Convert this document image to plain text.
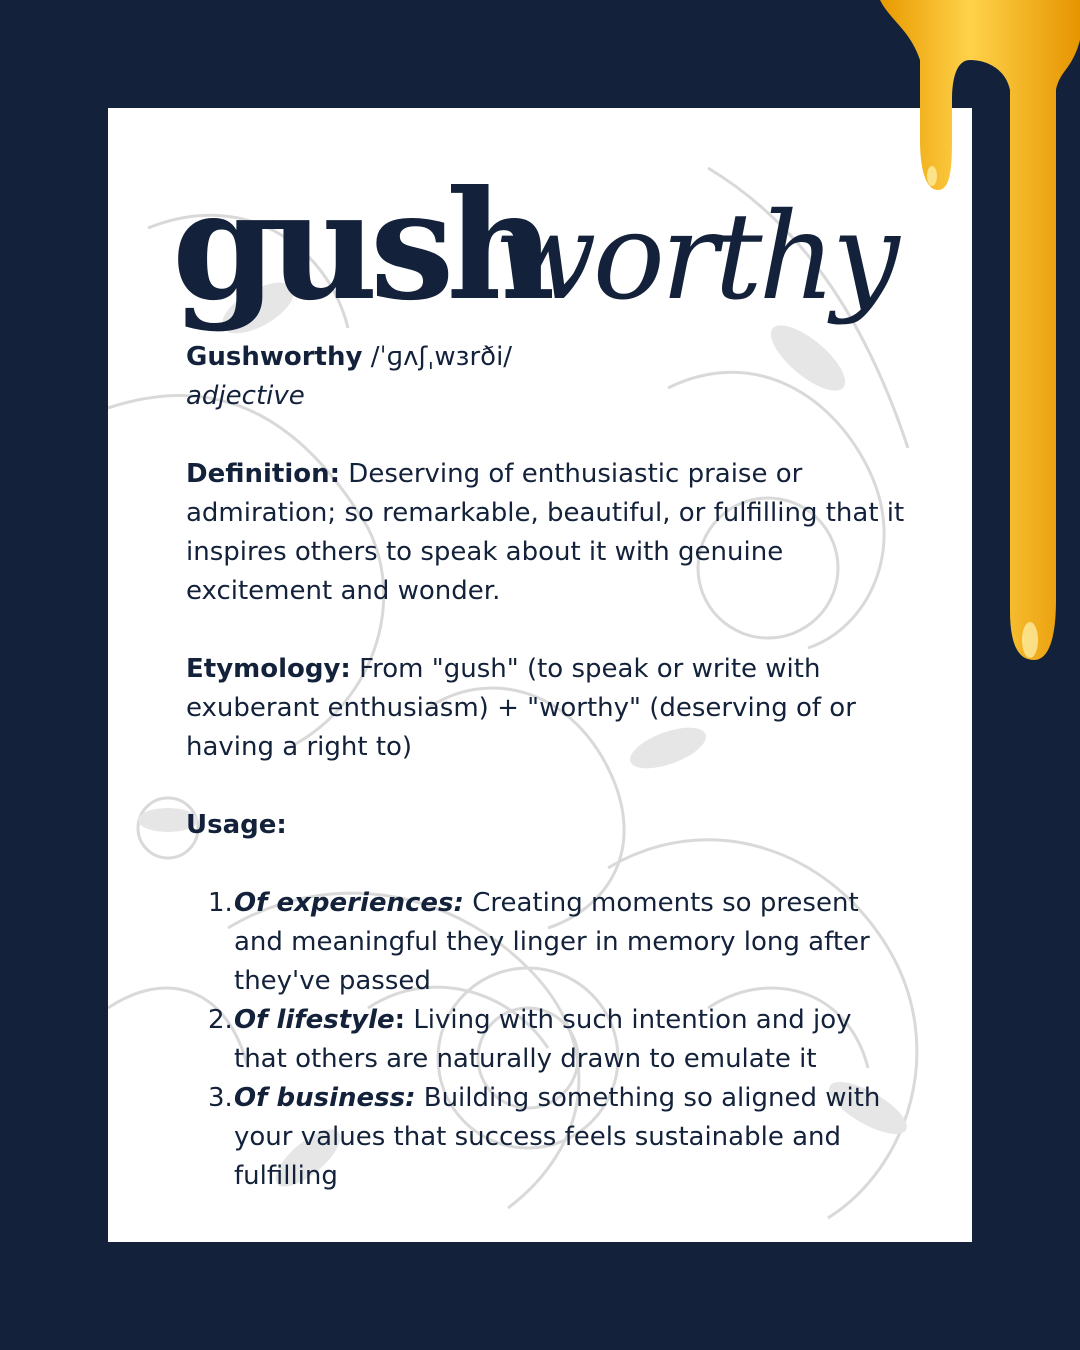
gush
worthy

Gushworthy /ˈɡʌʃˌwɜrði/

adjective

Definition: Deserving of enthusiastic praise or admiration; so remarkable, beautiful, or fulfilling that it inspires others to speak about it with genuine excitement and wonder.

Etymology: From "gush" (to speak or write with exuberant enthusiasm) + "worthy" (deserving of or having a right to)

Usage:

1. Of experiences: Creating moments so present and meaningful they linger in memory long after they've passed
2. Of lifestyle: Living with such intention and joy that others are naturally drawn to emulate it
3. Of business: Building something so aligned with your values that success feels sustainable and fulfilling
